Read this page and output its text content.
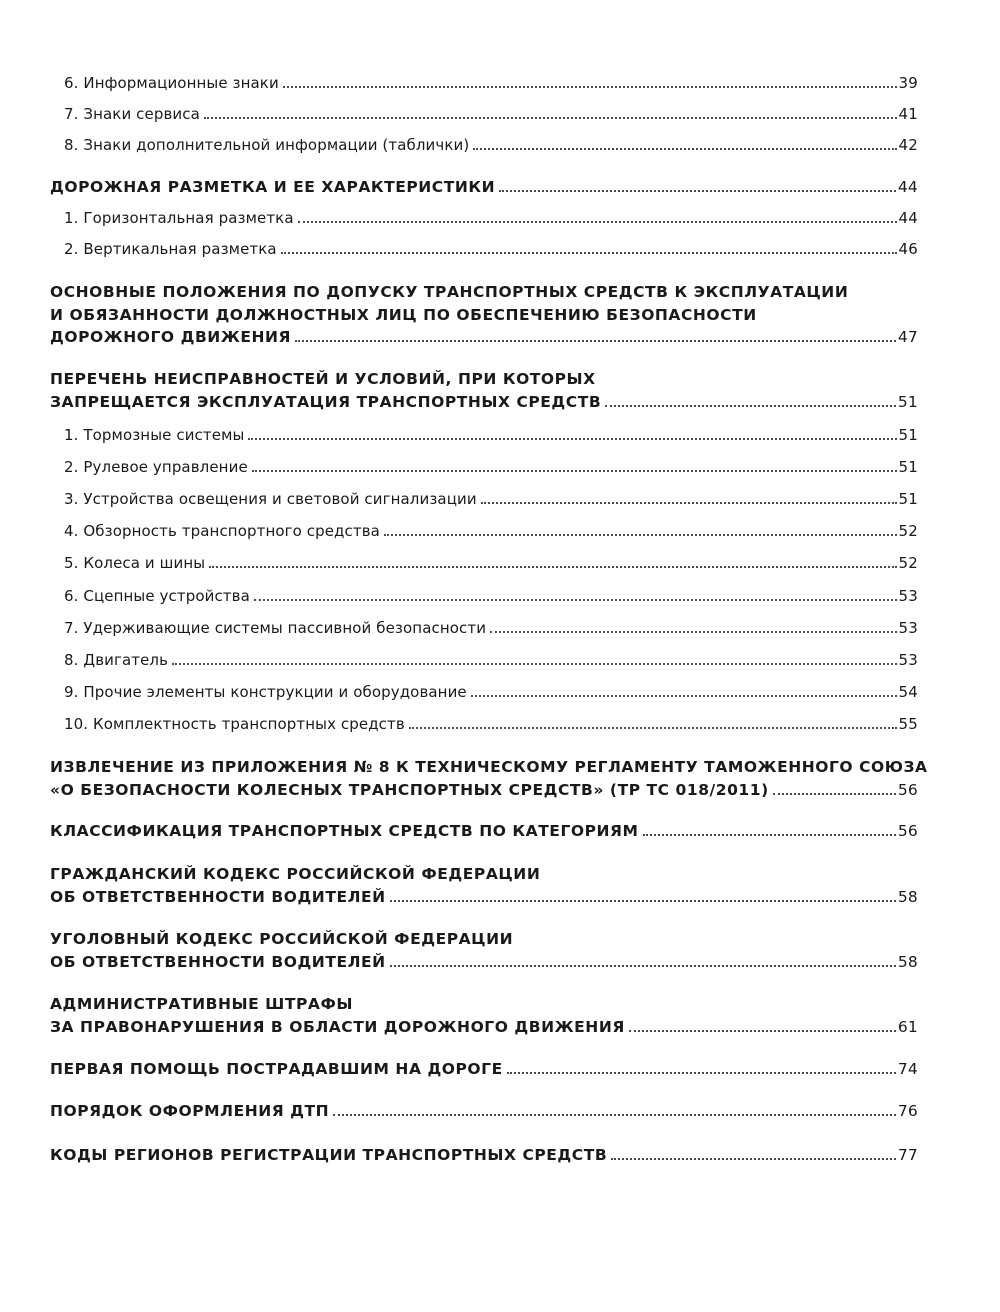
6. Информационные знаки	39
7. Знаки сервиса	41
8. Знаки дополнительной информации (таблички)	42
ДОРОЖНАЯ РАЗМЕТКА И ЕЕ ХАРАКТЕРИСТИКИ	44
1. Горизонтальная разметка	44
2. Вертикальная разметка	46
ОСНОВНЫЕ ПОЛОЖЕНИЯ ПО ДОПУСКУ ТРАНСПОРТНЫХ СРЕДСТВ К ЭКСПЛУАТАЦИИ
И ОБЯЗАННОСТИ ДОЛЖНОСТНЫХ ЛИЦ ПО ОБЕСПЕЧЕНИЮ БЕЗОПАСНОСТИ
ДОРОЖНОГО ДВИЖЕНИЯ	47
ПЕРЕЧЕНЬ НЕИСПРАВНОСТЕЙ И УСЛОВИЙ, ПРИ КОТОРЫХ
ЗАПРЕЩАЕТСЯ ЭКСПЛУАТАЦИЯ ТРАНСПОРТНЫХ СРЕДСТВ	51
1. Тормозные системы	51
2. Рулевое управление	51
3. Устройства освещения и световой сигнализации	51
4. Обзорность транспортного средства	52
5. Колеса и шины	52
6. Сцепные устройства	53
7. Удерживающие системы пассивной безопасности	53
8. Двигатель	53
9. Прочие элементы конструкции и оборудование	54
10. Комплектность транспортных средств	55
ИЗВЛЕЧЕНИЕ ИЗ ПРИЛОЖЕНИЯ № 8 К ТЕХНИЧЕСКОМУ РЕГЛАМЕНТУ ТАМОЖЕННОГО СОЮЗА
«О БЕЗОПАСНОСТИ КОЛЕСНЫХ ТРАНСПОРТНЫХ СРЕДСТВ» (ТР ТС 018/2011)	56
КЛАССИФИКАЦИЯ ТРАНСПОРТНЫХ СРЕДСТВ ПО КАТЕГОРИЯМ	56
ГРАЖДАНСКИЙ КОДЕКС РОССИЙСКОЙ ФЕДЕРАЦИИ
ОБ ОТВЕТСТВЕННОСТИ ВОДИТЕЛЕЙ	58
УГОЛОВНЫЙ КОДЕКС РОССИЙСКОЙ ФЕДЕРАЦИИ
ОБ ОТВЕТСТВЕННОСТИ ВОДИТЕЛЕЙ	58
АДМИНИСТРАТИВНЫЕ ШТРАФЫ
ЗА ПРАВОНАРУШЕНИЯ В ОБЛАСТИ ДОРОЖНОГО ДВИЖЕНИЯ	61
ПЕРВАЯ ПОМОЩЬ ПОСТРАДАВШИМ НА ДОРОГЕ	74
ПОРЯДОК ОФОРМЛЕНИЯ ДТП	76
КОДЫ РЕГИОНОВ РЕГИСТРАЦИИ ТРАНСПОРТНЫХ СРЕДСТВ	77
